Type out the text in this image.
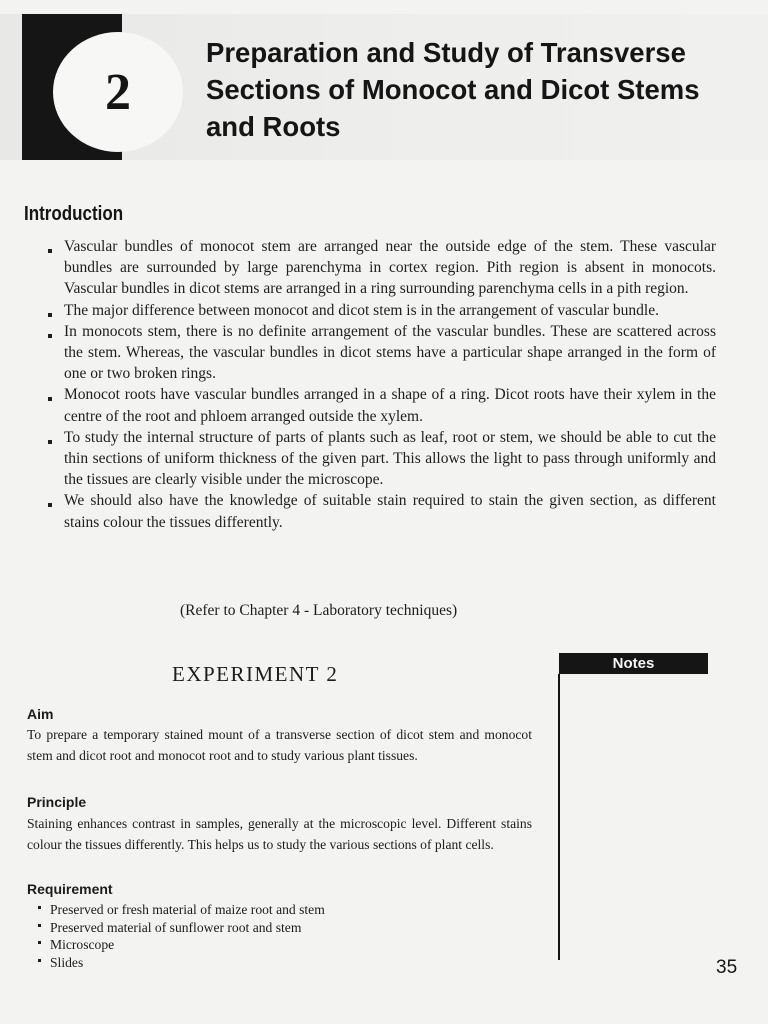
2
Preparation and Study of Transverse Sections of Monocot and Dicot Stems and Roots
Introduction
Vascular bundles of monocot stem are arranged near the outside edge of the stem. These vascular bundles are surrounded by large parenchyma in cortex region. Pith region is absent in monocots. Vascular bundles in dicot stems are arranged in a ring surrounding parenchyma cells in a pith region.
The major difference between monocot and dicot stem is in the arrangement of vascular bundle.
In monocots stem, there is no definite arrangement of the vascular bundles. These are scattered across the stem. Whereas, the vascular bundles in dicot stems have a particular shape arranged in the form of one or two broken rings.
Monocot roots have vascular bundles arranged in a shape of a ring. Dicot roots have their xylem in the centre of the root and phloem arranged outside the xylem.
To study the internal structure of parts of plants such as leaf, root or stem, we should be able to cut the thin sections of uniform thickness of the given part. This allows the light to pass through uniformly and the tissues are clearly visible under the microscope.
We should also have the knowledge of suitable stain required to stain the given section, as different stains colour the tissues differently.

(Refer to Chapter 4 - Laboratory techniques)

EXPERIMENT 2
Aim

To prepare a temporary stained mount of a transverse section of dicot stem and monocot stem and dicot root and monocot root and to study various plant tissues.

Principle

Staining enhances contrast in samples, generally at the microscopic level. Different stains colour the tissues differently. This helps us to study the various sections of plant cells.

Requirement
Preserved or fresh material of maize root and stem
Preserved material of sunflower root and stem
Microscope
Slides
Notes

35
